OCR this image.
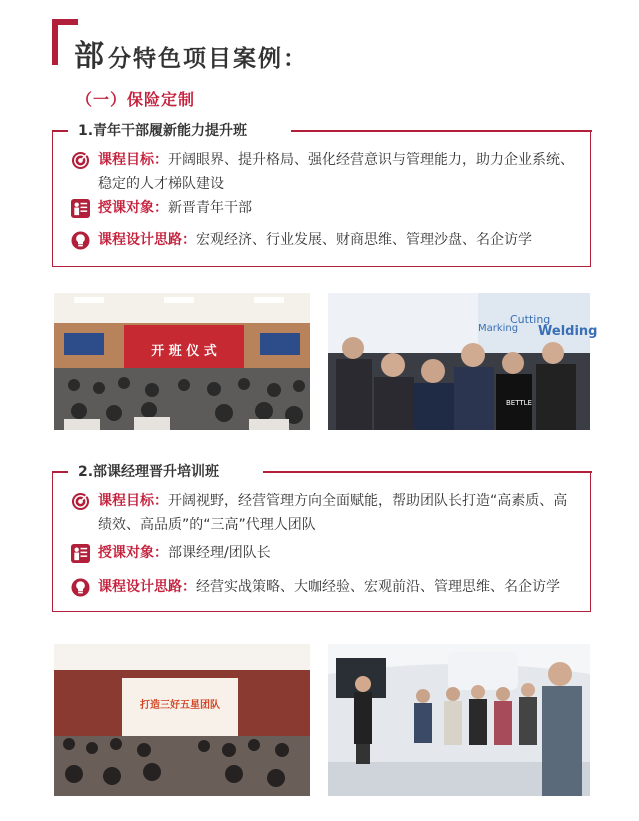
部分特色项目案例：
（一）保险定制
1.青年干部履新能力提升班
课程目标：开阔眼界、提升格局、强化经营意识与管理能力，助力企业系统、稳定的人才梯队建设
授课对象：新晋青年干部
课程设计思路：宏观经济、行业发展、财商思维、管理沙盘、名企访学
开 班 仪 式
Marking
Cutting
Welding
BETTLE
2.部课经理晋升培训班
课程目标：开阔视野，经营管理方向全面赋能，帮助团队长打造“高素质、高绩效、高品质”的“三高”代理人团队
授课对象：部课经理/团队长
课程设计思路：经营实战策略、大咖经验、宏观前沿、管理思维、名企访学
打造三好五星团队
